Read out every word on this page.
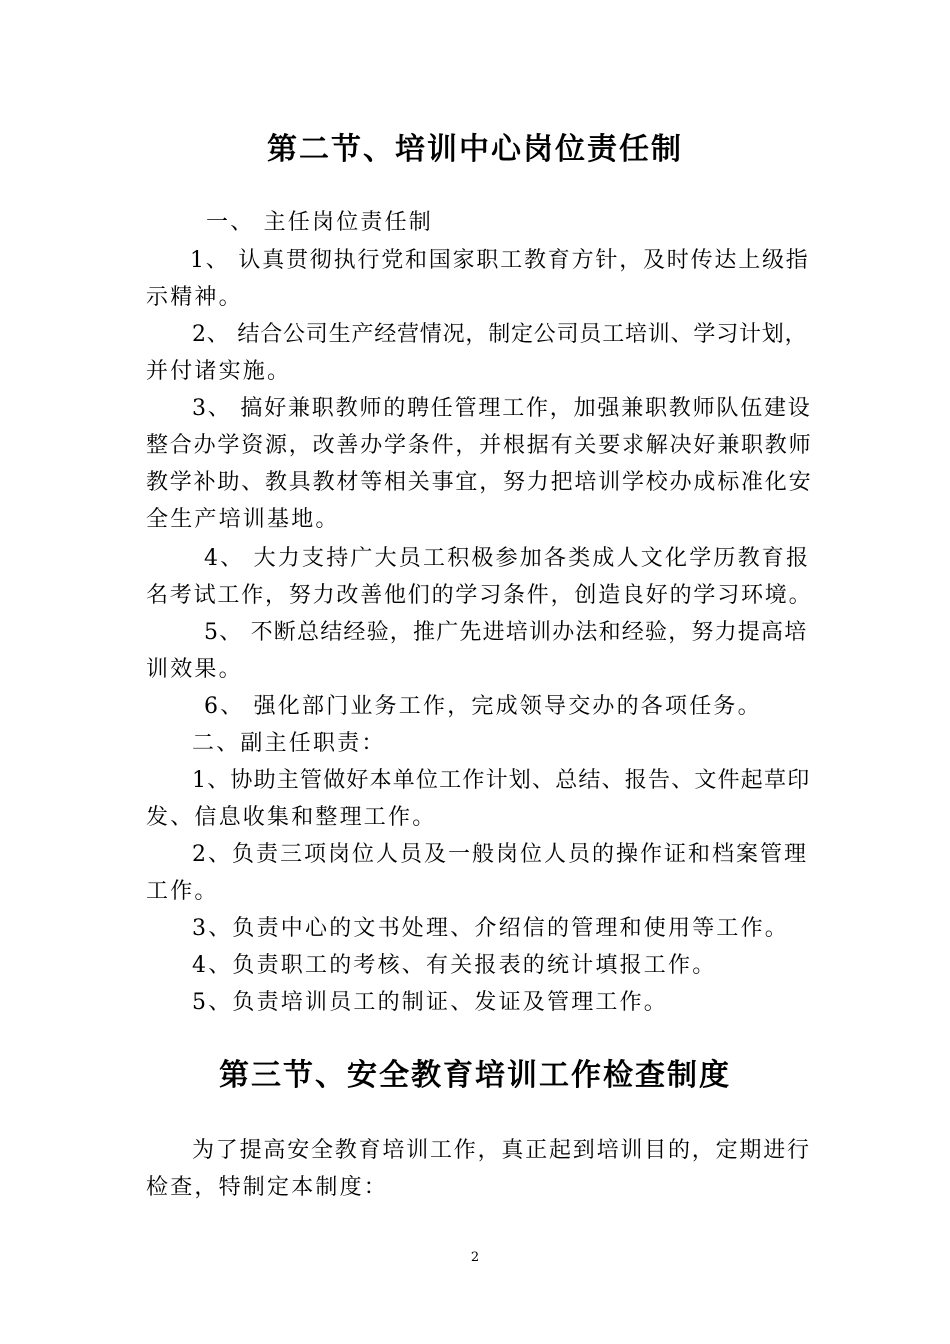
第二节、培训中心岗位责任制
一、 主任岗位责任制
1、 认真贯彻执行党和国家职工教育方针，及时传达上级指
示精神。
2、 结合公司生产经营情况，制定公司员工培训、学习计划，
并付诸实施。
3、 搞好兼职教师的聘任管理工作，加强兼职教师队伍建设
整合办学资源，改善办学条件，并根据有关要求解决好兼职教师
教学补助、教具教材等相关事宜，努力把培训学校办成标准化安
全生产培训基地。
4、 大力支持广大员工积极参加各类成人文化学历教育报
名考试工作，努力改善他们的学习条件，创造良好的学习环境。
5、 不断总结经验，推广先进培训办法和经验，努力提高培
训效果。
6、 强化部门业务工作，完成领导交办的各项任务。
二、副主任职责：
1、协助主管做好本单位工作计划、总结、报告、文件起草印
发、信息收集和整理工作。
2、负责三项岗位人员及一般岗位人员的操作证和档案管理
工作。
3、负责中心的文书处理、介绍信的管理和使用等工作。
4、负责职工的考核、有关报表的统计填报工作。
5、负责培训员工的制证、发证及管理工作。
第三节、安全教育培训工作检查制度
为了提高安全教育培训工作，真正起到培训目的，定期进行
检查，特制定本制度：
2
